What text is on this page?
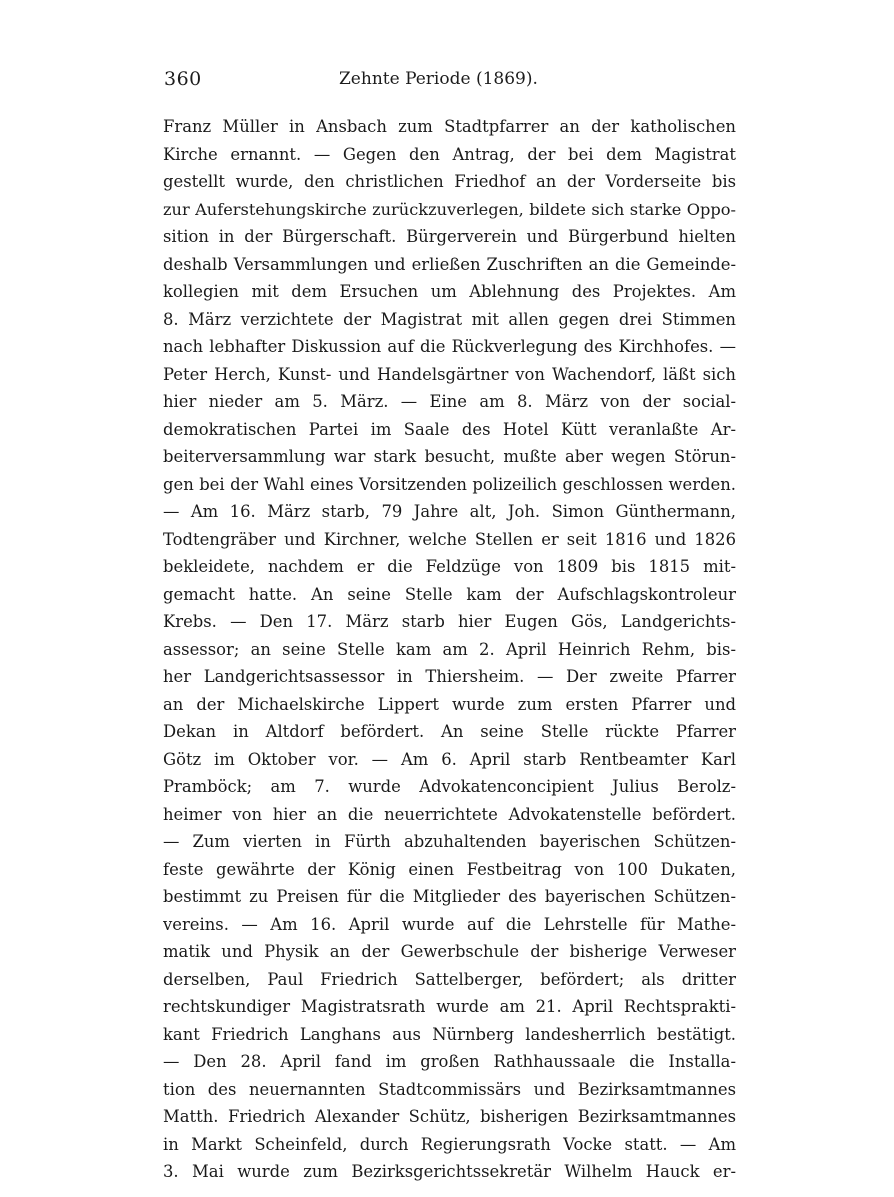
360	Zehnte Periode (1869).
Franz Müller in Ansbach zum Stadtpfarrer an der katholischen
Kirche ernannt. — Gegen den Antrag, der bei dem Magistrat
gestellt wurde, den christlichen Friedhof an der Vorderseite bis
zur Auferstehungskirche zurückzuverlegen, bildete sich starke Oppo-
sition in der Bürgerschaft. Bürgerverein und Bürgerbund hielten
deshalb Versammlungen und erließen Zuschriften an die Gemeinde-
kollegien mit dem Ersuchen um Ablehnung des Projektes. Am
8. März verzichtete der Magistrat mit allen gegen drei Stimmen
nach lebhafter Diskussion auf die Rückverlegung des Kirchhofes. —
Peter Herch, Kunst- und Handelsgärtner von Wachendorf, läßt sich
hier nieder am 5. März. — Eine am 8. März von der social-
demokratischen Partei im Saale des Hotel Kütt veranlaßte Ar-
beiterversammlung war stark besucht, mußte aber wegen Störun-
gen bei der Wahl eines Vorsitzenden polizeilich geschlossen werden.
— Am 16. März starb, 79 Jahre alt, Joh. Simon Günthermann,
Todtengräber und Kirchner, welche Stellen er seit 1816 und 1826
bekleidete, nachdem er die Feldzüge von 1809 bis 1815 mit-
gemacht hatte. An seine Stelle kam der Aufschlagskontroleur
Krebs. — Den 17. März starb hier Eugen Gös, Landgerichts-
assessor; an seine Stelle kam am 2. April Heinrich Rehm, bis-
her Landgerichtsassessor in Thiersheim. — Der zweite Pfarrer
an der Michaelskirche Lippert wurde zum ersten Pfarrer und
Dekan in Altdorf befördert. An seine Stelle rückte Pfarrer
Götz im Oktober vor. — Am 6. April starb Rentbeamter Karl
Pramböck; am 7. wurde Advokatenconcipient Julius Berolz-
heimer von hier an die neuerrichtete Advokatenstelle befördert.
— Zum vierten in Fürth abzuhaltenden bayerischen Schützen-
feste gewährte der König einen Festbeitrag von 100 Dukaten,
bestimmt zu Preisen für die Mitglieder des bayerischen Schützen-
vereins. — Am 16. April wurde auf die Lehrstelle für Mathe-
matik und Physik an der Gewerbschule der bisherige Verweser
derselben, Paul Friedrich Sattelberger, befördert; als dritter
rechtskundiger Magistratsrath wurde am 21. April Rechtsprakti-
kant Friedrich Langhans aus Nürnberg landesherrlich bestätigt.
— Den 28. April fand im großen Rathhaussaale die Installa-
tion des neuernannten Stadtcommissärs und Bezirksamtmannes
Matth. Friedrich Alexander Schütz, bisherigen Bezirksamtmannes
in Markt Scheinfeld, durch Regierungsrath Vocke statt. — Am
3. Mai wurde zum Bezirksgerichtssekretär Wilhelm Hauck er-
